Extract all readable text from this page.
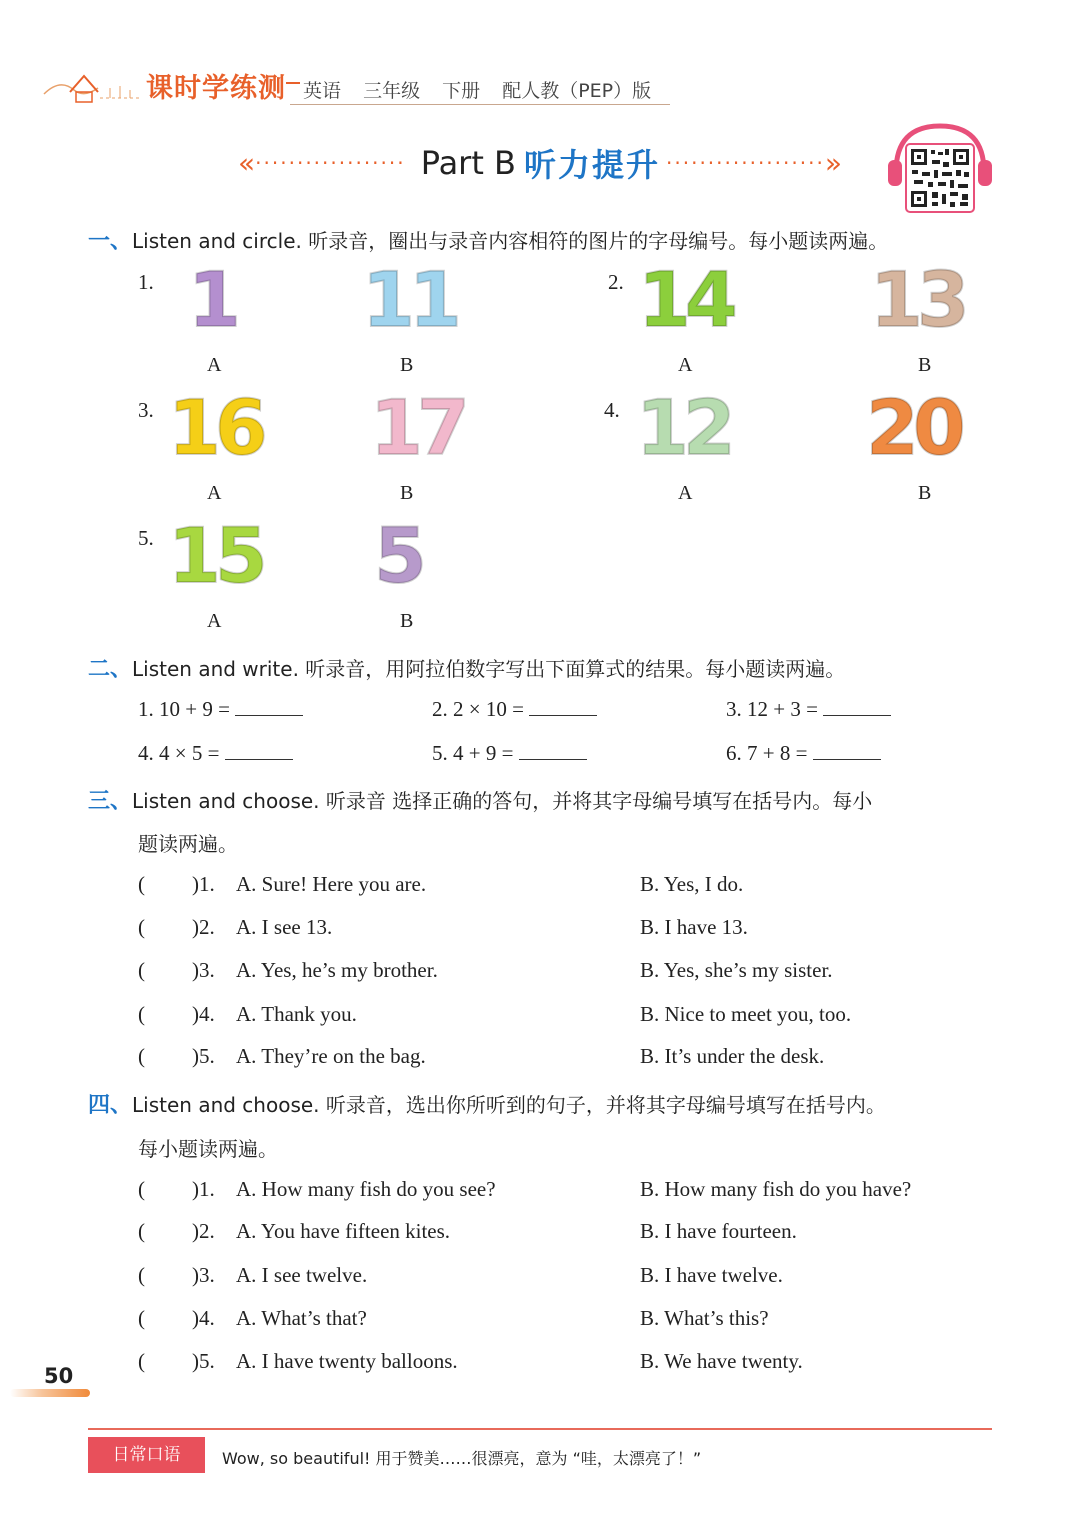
课时学练测 英语 三年级 下册 配人教（PEP）版
«·················· Part B 听力提升 ···················»
一、Listen and circle. 听录音，圈出与录音内容相符的图片的字母编号。每小题读两遍。
1. 1 11
A	B
2. 14 13
A	B
3. 16 17
A	B
4. 12 20
A	B
5. 15 5
A	B
二、Listen and write. 听录音，用阿拉伯数字写出下面算式的结果。每小题读两遍。
1. 10 + 9 =	2. 2 × 10 =	3. 12 + 3 =
4. 4 × 5 =	5. 4 + 9 =	6. 7 + 8 =
三、Listen and choose. 听录音 选择正确的答句，并将其字母编号填写在括号内。每小
题读两遍。
( )1. A. Sure! Here you are.	B. Yes, I do.
( )2. A. I see 13.	B. I have 13.
( )3. A. Yes, he’s my brother.	B. Yes, she’s my sister.
( )4. A. Thank you.	B. Nice to meet you, too.
( )5. A. They’re on the bag.	B. It’s under the desk.
四、Listen and choose. 听录音，选出你所听到的句子，并将其字母编号填写在括号内。
每小题读两遍。
( )1. A. How many fish do you see?	B. How many fish do you have?
( )2. A. You have fifteen kites.	B. I have fourteen.
( )3. A. I see twelve.	B. I have twelve.
( )4. A. What’s that?	B. What’s this?
( )5. A. I have twenty balloons.	B. We have twenty.
50
日常口语	Wow, so beautiful! 用于赞美……很漂亮，意为 “哇，太漂亮了！”
